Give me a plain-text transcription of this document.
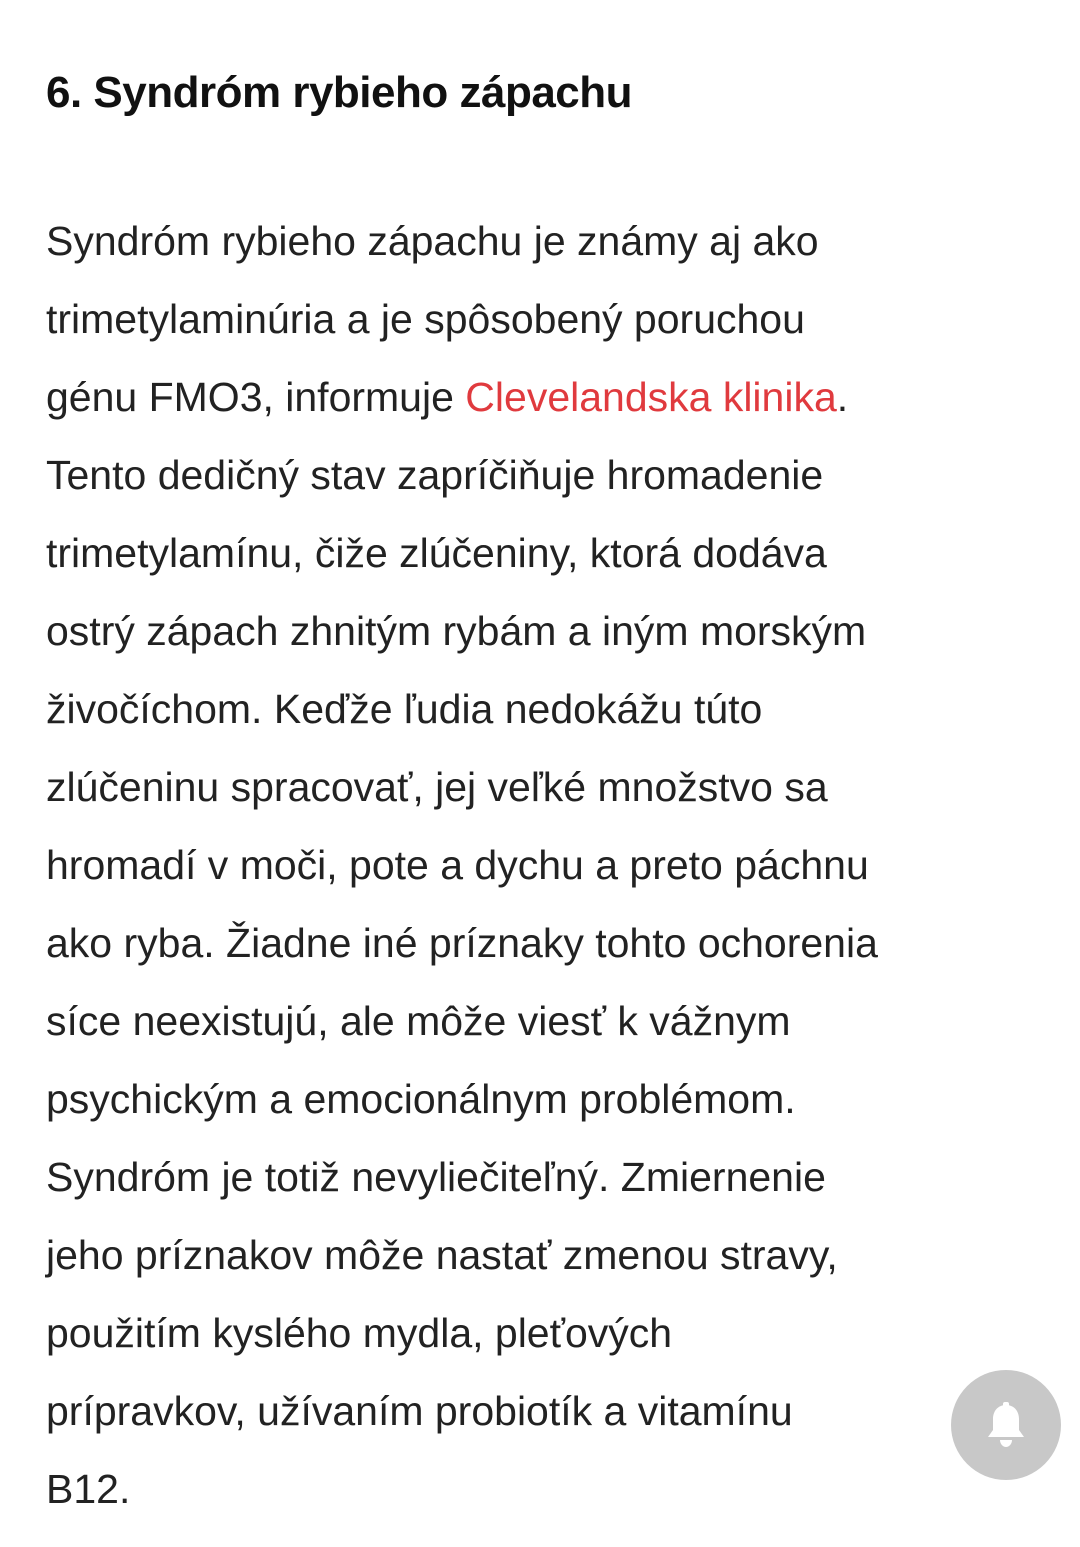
6. Syndróm rybieho zápachu

Syndróm rybieho zápachu je známy aj ako
trimetylaminúria a je spôsobený poruchou
génu FMO3, informuje Clevelandska klinika.
Tento dedičný stav zapríčiňuje hromadenie
trimetylamínu, čiže zlúčeniny, ktorá dodáva
ostrý zápach zhnitým rybám a iným morským
živočíchom. Keďže ľudia nedokážu túto
zlúčeninu spracovať, jej veľké množstvo sa
hromadí v moči, pote a dychu a preto páchnu
ako ryba. Žiadne iné príznaky tohto ochorenia
síce neexistujú, ale môže viesť k vážnym
psychickým a emocionálnym problémom.
Syndróm je totiž nevyliečiteľný. Zmiernenie
jeho príznakov môže nastať zmenou stravy,
použitím kyslého mydla, pleťových
prípravkov, užívaním probiotík a vitamínu
B12.
